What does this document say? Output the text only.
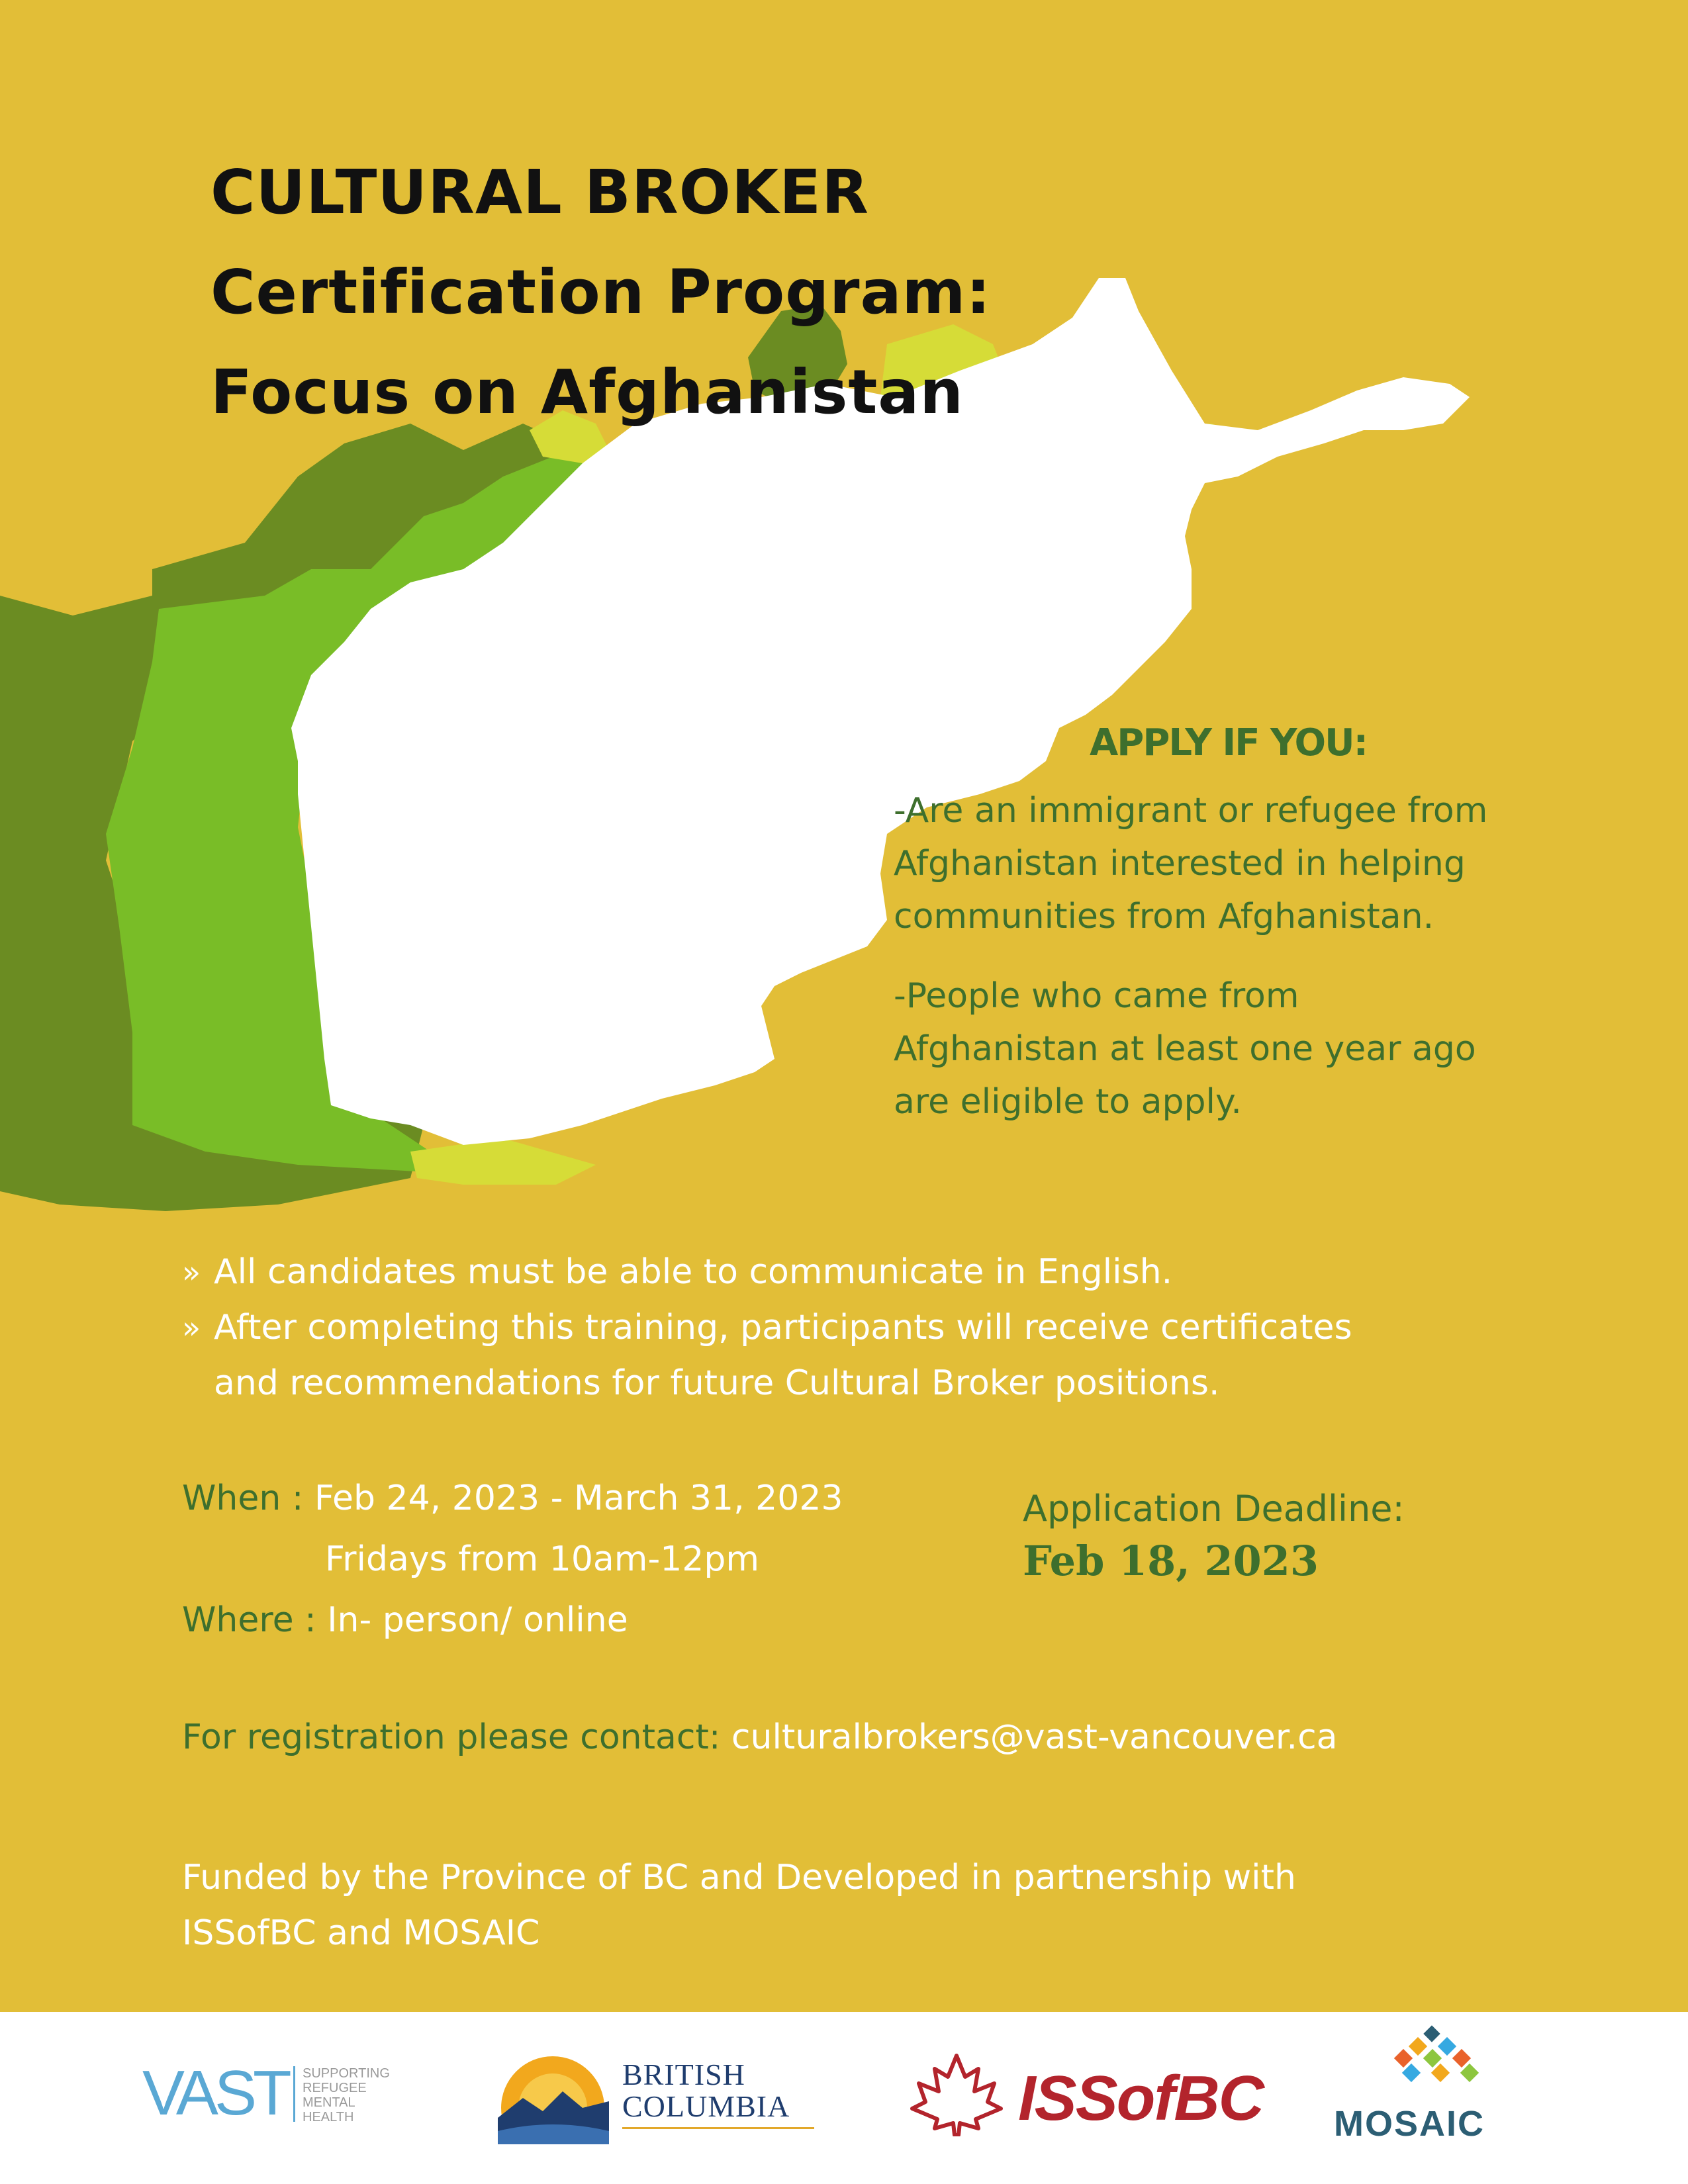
CULTURAL BROKER
Certification Program:
Focus on Afghanistan
APPLY IF YOU:
-Are an immigrant or refugee from
Afghanistan interested in helping
communities from Afghanistan.
-People who came from
Afghanistan at least one year ago
are eligible to apply.
» All candidates must be able to communicate in English.
» After completing this training, participants will receive certificates
and recommendations for future Cultural Broker positions.
When : Feb 24, 2023 - March 31, 2023
Fridays from 10am-12pm
Where : In- person/ online
Application Deadline:
Feb 18, 2023
For registration please contact: culturalbrokers@vast-vancouver.ca
Funded by the Province of BC and Developed in partnership with
ISSofBC and MOSAIC
VAST SUPPORTING
REFUGEE
MENTAL
HEALTH
BRITISH
COLUMBIA	ISSofBC MOSAIC
